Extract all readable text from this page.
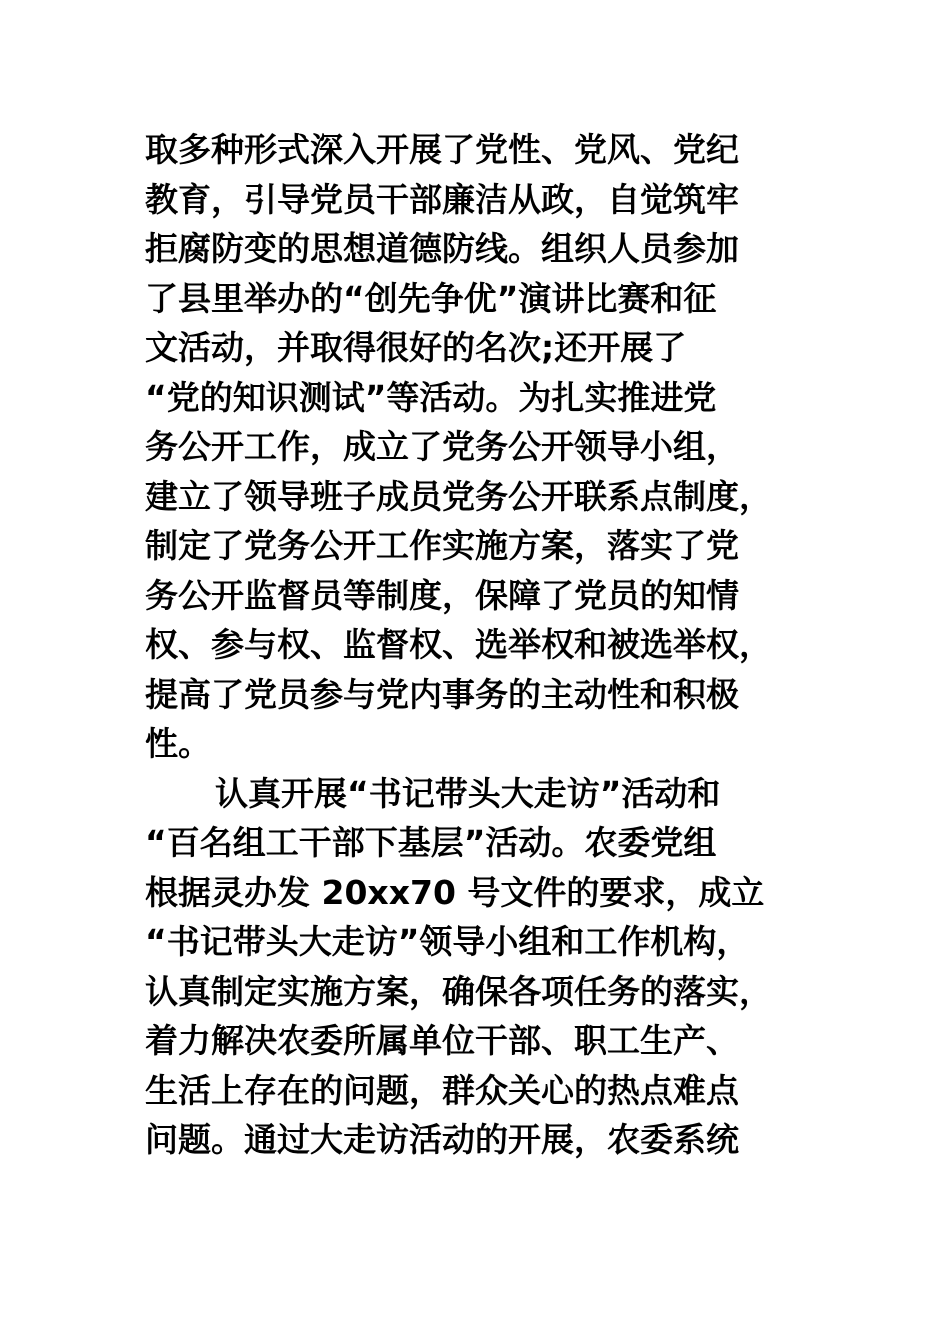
取多种形式深入开展了党性、党风、党纪
教育，引导党员干部廉洁从政，自觉筑牢
拒腐防变的思想道德防线。组织人员参加
了县里举办的“创先争优”演讲比赛和征
文活动，并取得很好的名次;还开展了
“党的知识测试”等活动。为扎实推进党
务公开工作，成立了党务公开领导小组，
建立了领导班子成员党务公开联系点制度，
制定了党务公开工作实施方案，落实了党
务公开监督员等制度，保障了党员的知情
权、参与权、监督权、选举权和被选举权，
提高了党员参与党内事务的主动性和积极
性。
认真开展“书记带头大走访”活动和
“百名组工干部下基层”活动。农委党组
根据灵办发 20xx70 号文件的要求，成立
“书记带头大走访”领导小组和工作机构，
认真制定实施方案，确保各项任务的落实，
着力解决农委所属单位干部、职工生产、
生活上存在的问题，群众关心的热点难点
问题。通过大走访活动的开展，农委系统
